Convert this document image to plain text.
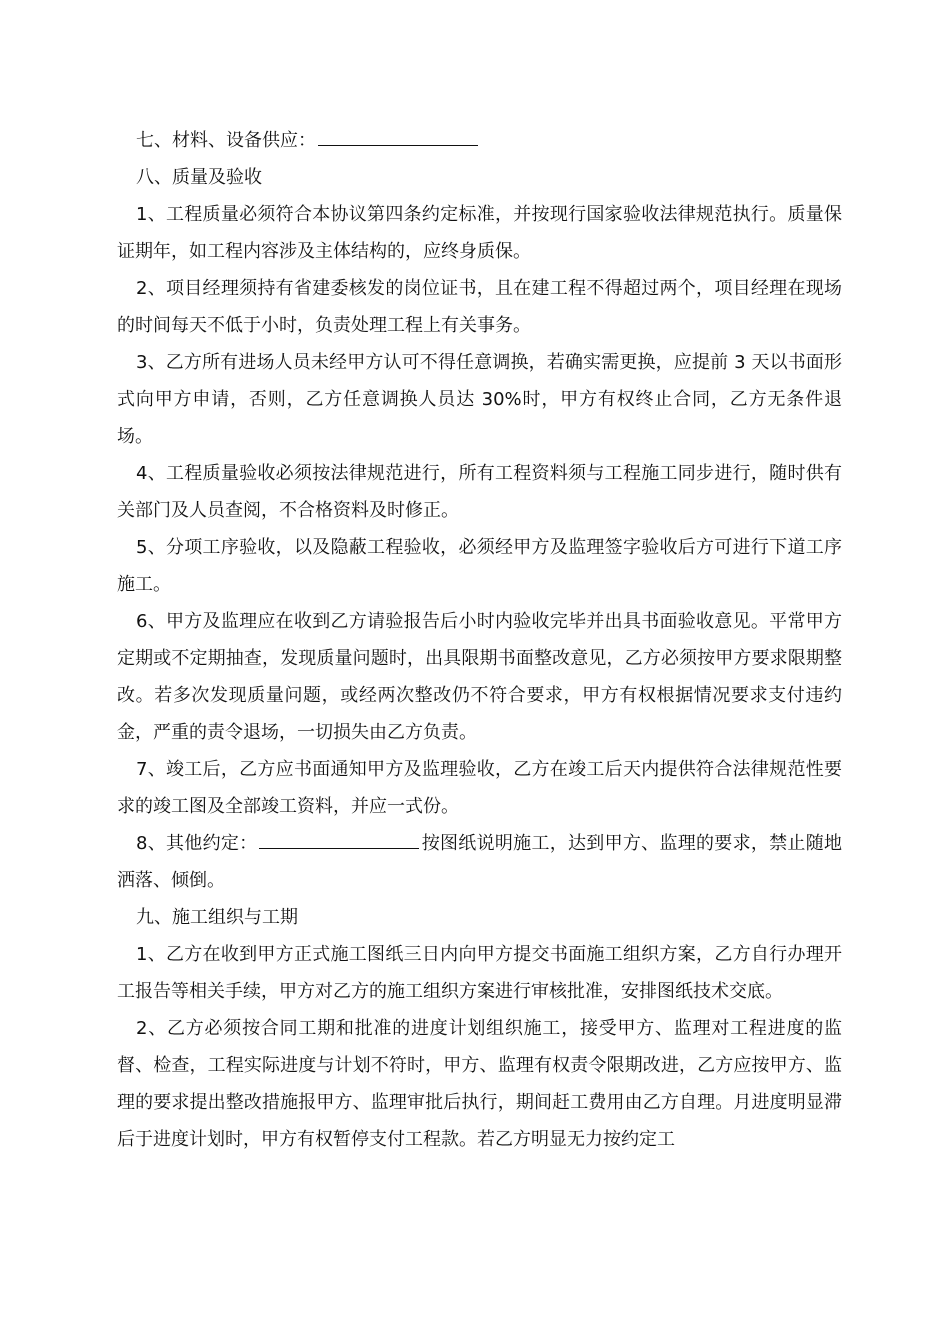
七、材料、设备供应：

八、质量及验收

1、工程质量必须符合本协议第四条约定标准，并按现行国家验收法律规范执行。质量保证期年，如工程内容涉及主体结构的，应终身质保。

2、项目经理须持有省建委核发的岗位证书，且在建工程不得超过两个，项目经理在现场的时间每天不低于小时，负责处理工程上有关事务。

3、乙方所有进场人员未经甲方认可不得任意调换，若确实需更换，应提前 3 天以书面形式向甲方申请，否则，乙方任意调换人员达 30%时，甲方有权终止合同，乙方无条件退场。

4、工程质量验收必须按法律规范进行，所有工程资料须与工程施工同步进行，随时供有关部门及人员查阅，不合格资料及时修正。

5、分项工序验收，以及隐蔽工程验收，必须经甲方及监理签字验收后方可进行下道工序施工。

6、甲方及监理应在收到乙方请验报告后小时内验收完毕并出具书面验收意见。平常甲方定期或不定期抽查，发现质量问题时，出具限期书面整改意见，乙方必须按甲方要求限期整改。若多次发现质量问题，或经两次整改仍不符合要求，甲方有权根据情况要求支付违约金，严重的责令退场，一切损失由乙方负责。

7、竣工后，乙方应书面通知甲方及监理验收，乙方在竣工后天内提供符合法律规范性要求的竣工图及全部竣工资料，并应一式份。

8、其他约定：	按图纸说明施工，达到甲方、监理的要求，禁止随地洒落、倾倒。

九、施工组织与工期

1、乙方在收到甲方正式施工图纸三日内向甲方提交书面施工组织方案，乙方自行办理开工报告等相关手续，甲方对乙方的施工组织方案进行审核批准，安排图纸技术交底。

2、乙方必须按合同工期和批准的进度计划组织施工，接受甲方、监理对工程进度的监督、检查，工程实际进度与计划不符时，甲方、监理有权责令限期改进，乙方应按甲方、监理的要求提出整改措施报甲方、监理审批后执行，期间赶工费用由乙方自理。月进度明显滞后于进度计划时，甲方有权暂停支付工程款。若乙方明显无力按约定工
